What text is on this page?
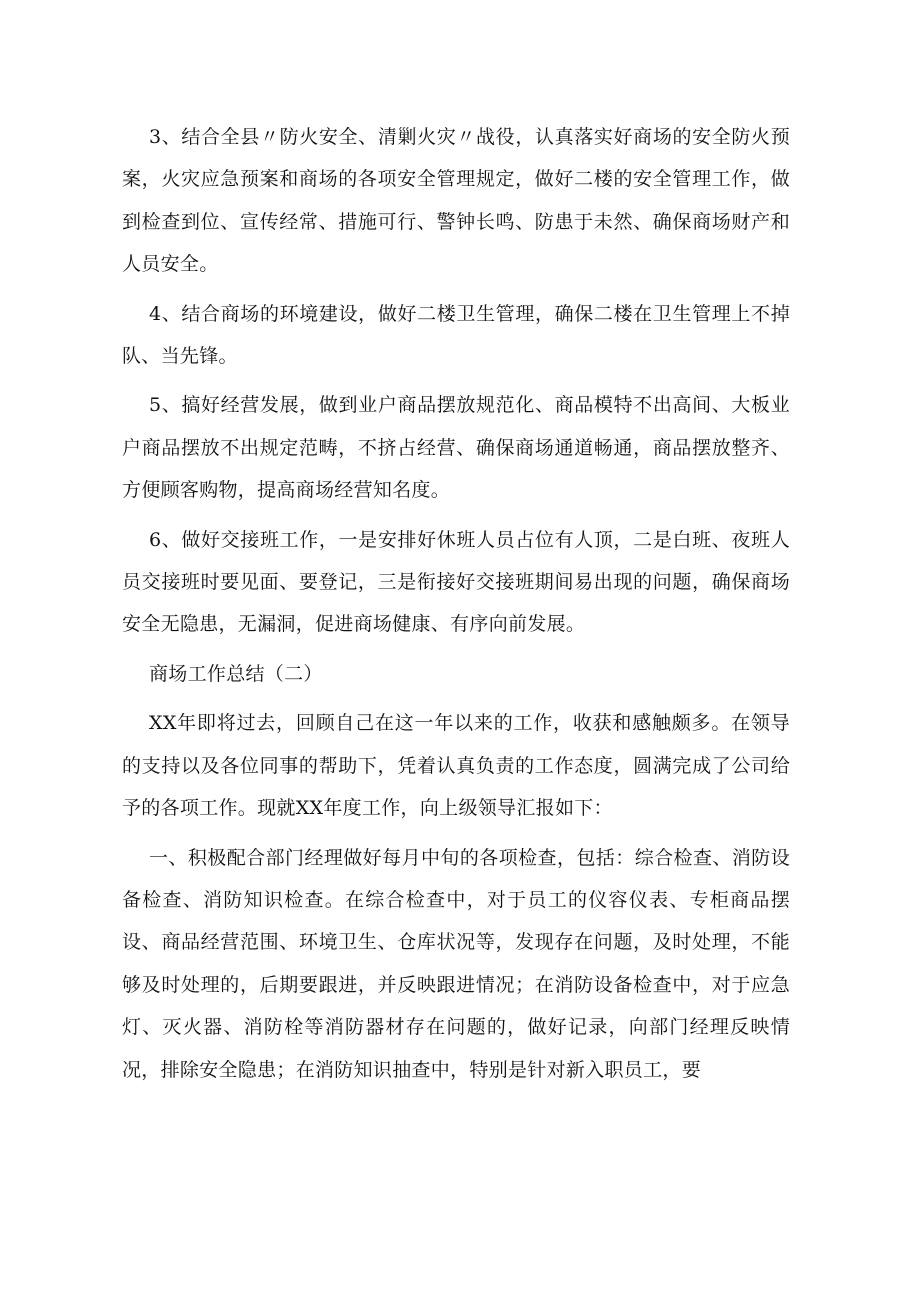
3、结合全县〃防火安全、清剿火灾〃战役，认真落实好商场的安全防火预案，火灾应急预案和商场的各项安全管理规定，做好二楼的安全管理工作，做到检查到位、宣传经常、措施可行、警钟长鸣、防患于未然、确保商场财产和人员安全。

4、结合商场的环境建设，做好二楼卫生管理，确保二楼在卫生管理上不掉队、当先锋。

5、搞好经营发展，做到业户商品摆放规范化、商品模特不出高间、大板业户商品摆放不出规定范畴，不挤占经营、确保商场通道畅通，商品摆放整齐、方便顾客购物，提高商场经营知名度。

6、做好交接班工作，一是安排好休班人员占位有人顶，二是白班、夜班人员交接班时要见面、要登记，三是衔接好交接班期间易出现的问题，确保商场安全无隐患，无漏洞，促进商场健康、有序向前发展。

商场工作总结（二）

XX年即将过去，回顾自己在这一年以来的工作，收获和感触颇多。在领导的支持以及各位同事的帮助下，凭着认真负责的工作态度，圆满完成了公司给予的各项工作。现就XX年度工作，向上级领导汇报如下：

一、积极配合部门经理做好每月中旬的各项检查，包括：综合检查、消防设备检查、消防知识检查。在综合检查中，对于员工的仪容仪表、专柜商品摆设、商品经营范围、环境卫生、仓库状况等，发现存在问题，及时处理，不能够及时处理的，后期要跟进，并反映跟进情况；在消防设备检查中，对于应急灯、灭火器、消防栓等消防器材存在问题的，做好记录，向部门经理反映情况，排除安全隐患；在消防知识抽查中，特别是针对新入职员工，要
